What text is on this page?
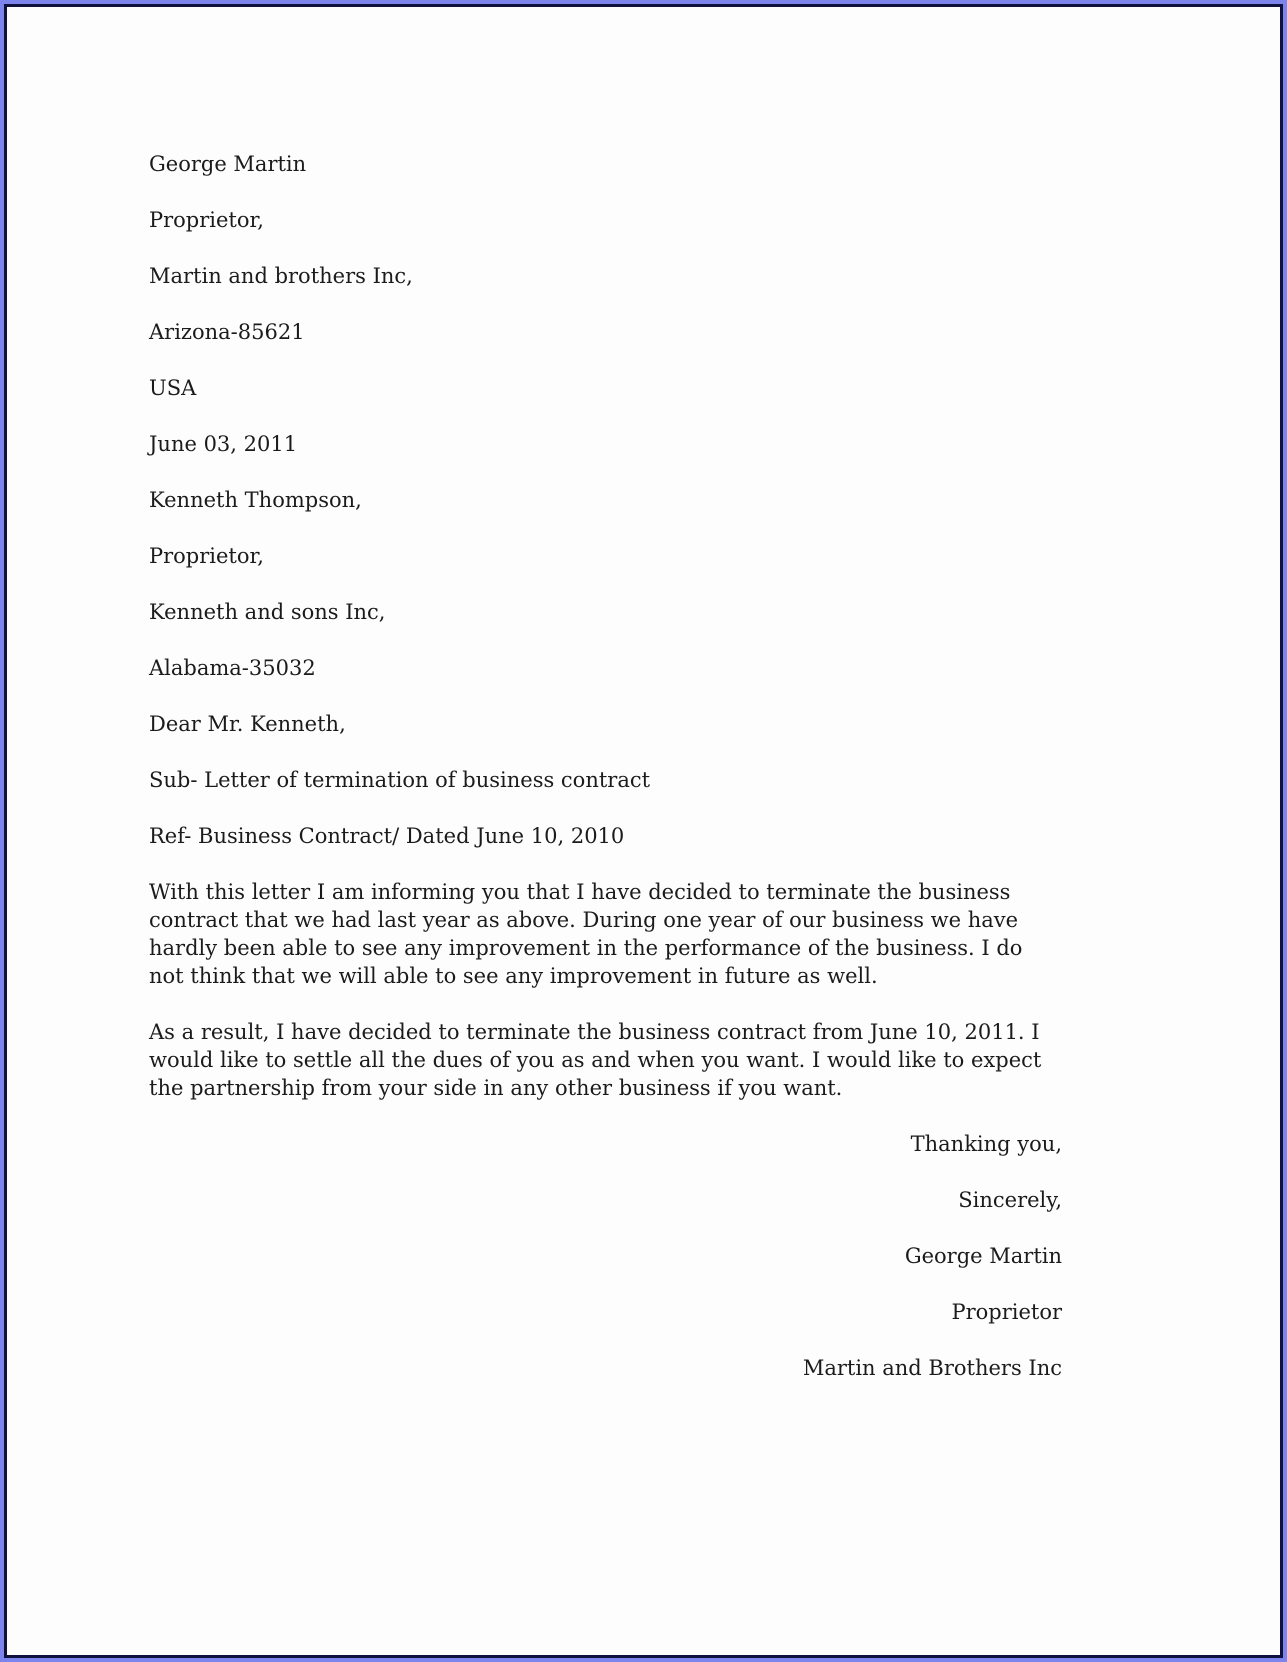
George Martin

Proprietor,

Martin and brothers Inc,

Arizona-85621

USA

June 03, 2011

Kenneth Thompson,

Proprietor,

Kenneth and sons Inc,

Alabama-35032

Dear Mr. Kenneth,

Sub- Letter of termination of business contract

Ref- Business Contract/ Dated June 10, 2010

With this letter I am informing you that I have decided to terminate the business contract that we had last year as above. During one year of our business we have hardly been able to see any improvement in the performance of the business. I do not think that we will able to see any improvement in future as well.

As a result, I have decided to terminate the business contract from June 10, 2011. I would like to settle all the dues of you as and when you want. I would like to expect the partnership from your side in any other business if you want.

Thanking you,

Sincerely,

George Martin

Proprietor

Martin and Brothers Inc
